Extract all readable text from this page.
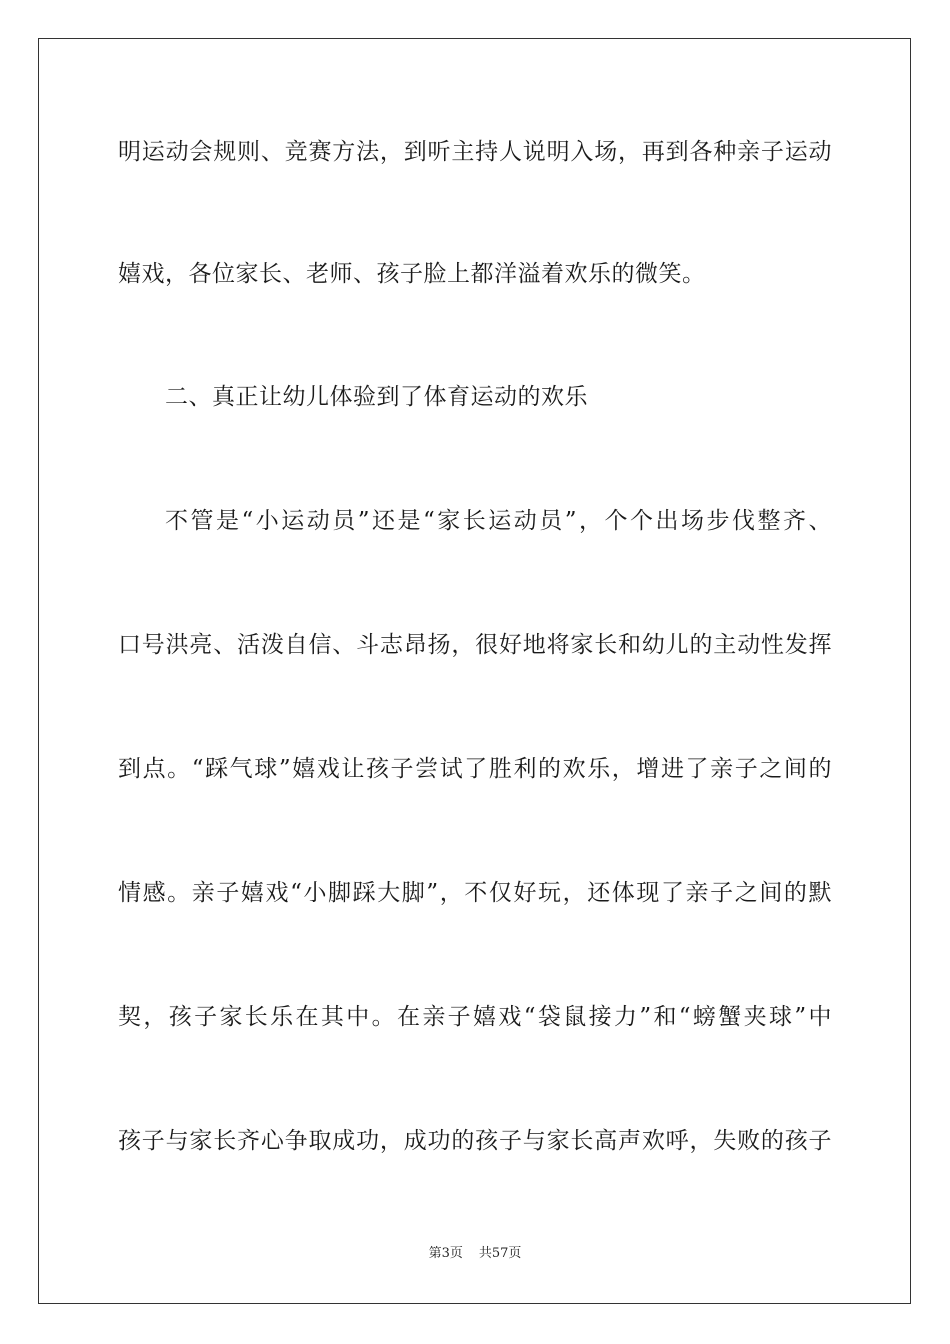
明运动会规则、竞赛方法，到听主持人说明入场，再到各种亲子运动
嬉戏，各位家长、老师、孩子脸上都洋溢着欢乐的微笑。
二、真正让幼儿体验到了体育运动的欢乐
不管是“小运动员”还是“家长运动员”，个个出场步伐整齐、
口号洪亮、活泼自信、斗志昂扬，很好地将家长和幼儿的主动性发挥
到点。“踩气球”嬉戏让孩子尝试了胜利的欢乐，增进了亲子之间的
情感。亲子嬉戏“小脚踩大脚”，不仅好玩，还体现了亲子之间的默
契，孩子家长乐在其中。在亲子嬉戏“袋鼠接力”和“螃蟹夹球”中
孩子与家长齐心争取成功，成功的孩子与家长高声欢呼，失败的孩子
第3页 共57页
